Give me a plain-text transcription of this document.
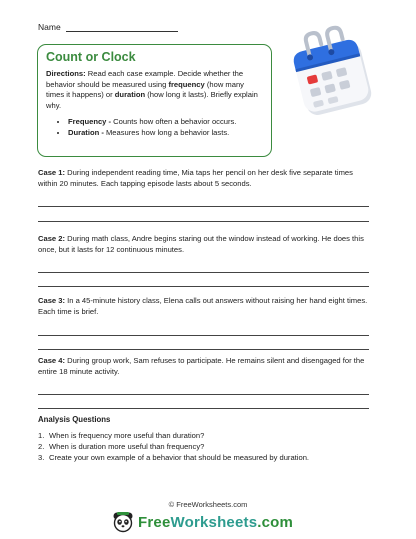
Name
Count or Clock

Directions: Read each case example. Decide whether the behavior should be measured using frequency (how many times it happens) or duration (how long it lasts). Briefly explain why.

• Frequency - Counts how often a behavior occurs.
• Duration - Measures how long a behavior lasts.
Case 1: During independent reading time, Mia taps her pencil on her desk five separate times within 20 minutes. Each tapping episode lasts about 5 seconds.
Case 2: During math class, Andre begins staring out the window instead of working. He does this once, but it lasts for 12 continuous minutes.
Case 3: In a 45-minute history class, Elena calls out answers without raising her hand eight times. Each time is brief.
Case 4: During group work, Sam refuses to participate. He remains silent and disengaged for the entire 18 minute activity.
Analysis Questions
1. When is frequency more useful than duration?
2. When is duration more useful than frequency?
3. Create your own example of a behavior that should be measured by duration.
© FreeWorksheets.com
FreeWorksheets.com
